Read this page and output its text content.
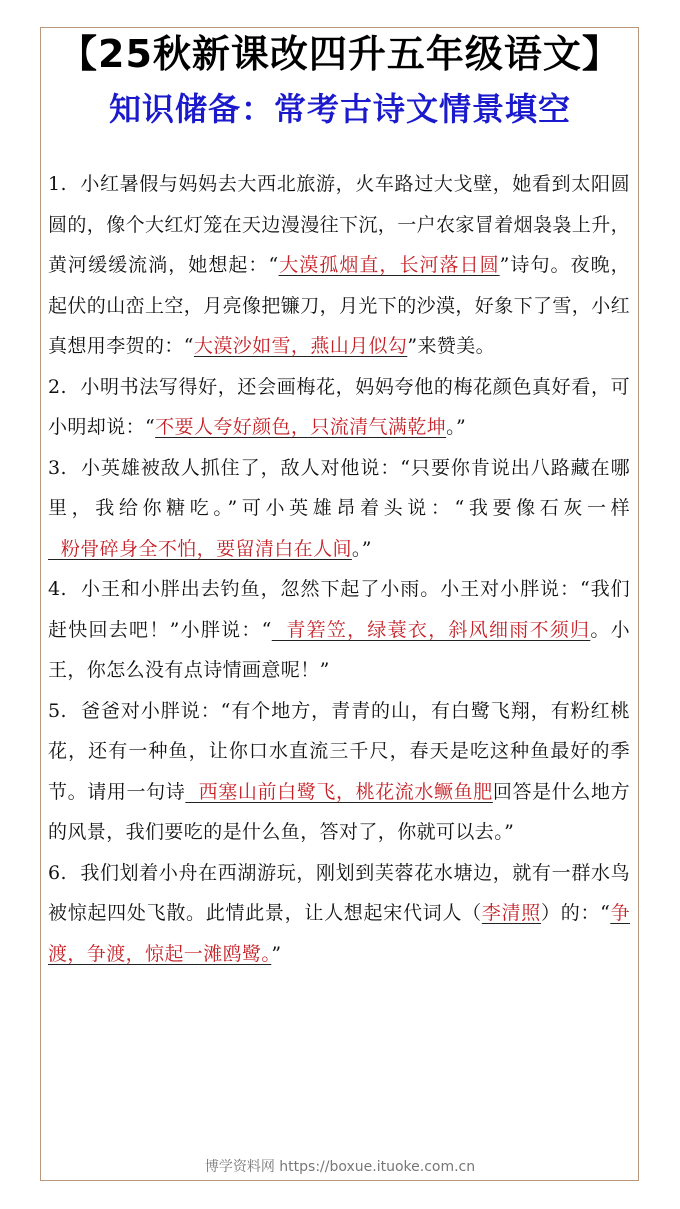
【25秋新课改四升五年级语文】
知识储备：常考古诗文情景填空

1. 小红暑假与妈妈去大西北旅游，火车路过大戈壁，她看到太阳圆圆的，像个大红灯笼在天边漫漫往下沉，一户农家冒着烟袅袅上升，黄河缓缓流淌，她想起：“大漠孤烟直，长河落日圆”诗句。夜晚，起伏的山峦上空，月亮像把镰刀，月光下的沙漠，好象下了雪，小红真想用李贺的：“大漠沙如雪，燕山月似勾”来赞美。

2. 小明书法写得好，还会画梅花，妈妈夸他的梅花颜色真好看，可小明却说：“不要人夸好颜色，只流清气满乾坤。”

3. 小英雄被敌人抓住了，敌人对他说：“只要你肯说出八路藏在哪里，我给你糖吃。”可小英雄昂着头说：“我要像石灰一样  粉骨碎身全不怕，要留清白在人间。”

4. 小王和小胖出去钓鱼，忽然下起了小雨。小王对小胖说：“我们赶快回去吧！”小胖说：“  青箬笠，绿蓑衣，斜风细雨不须归。小王，你怎么没有点诗情画意呢！”

5. 爸爸对小胖说：“有个地方，青青的山，有白鹭飞翔，有粉红桃花，还有一种鱼，让你口水直流三千尺，春天是吃这种鱼最好的季节。请用一句诗  西塞山前白鹭飞，桃花流水鳜鱼肥回答是什么地方的风景，我们要吃的是什么鱼，答对了，你就可以去。”

6. 我们划着小舟在西湖游玩，刚划到芙蓉花水塘边，就有一群水鸟被惊起四处飞散。此情此景，让人想起宋代词人（李清照）的：“争渡，争渡，惊起一滩鸥鹭。”

博学资料网 https://boxue.ituoke.com.cn
